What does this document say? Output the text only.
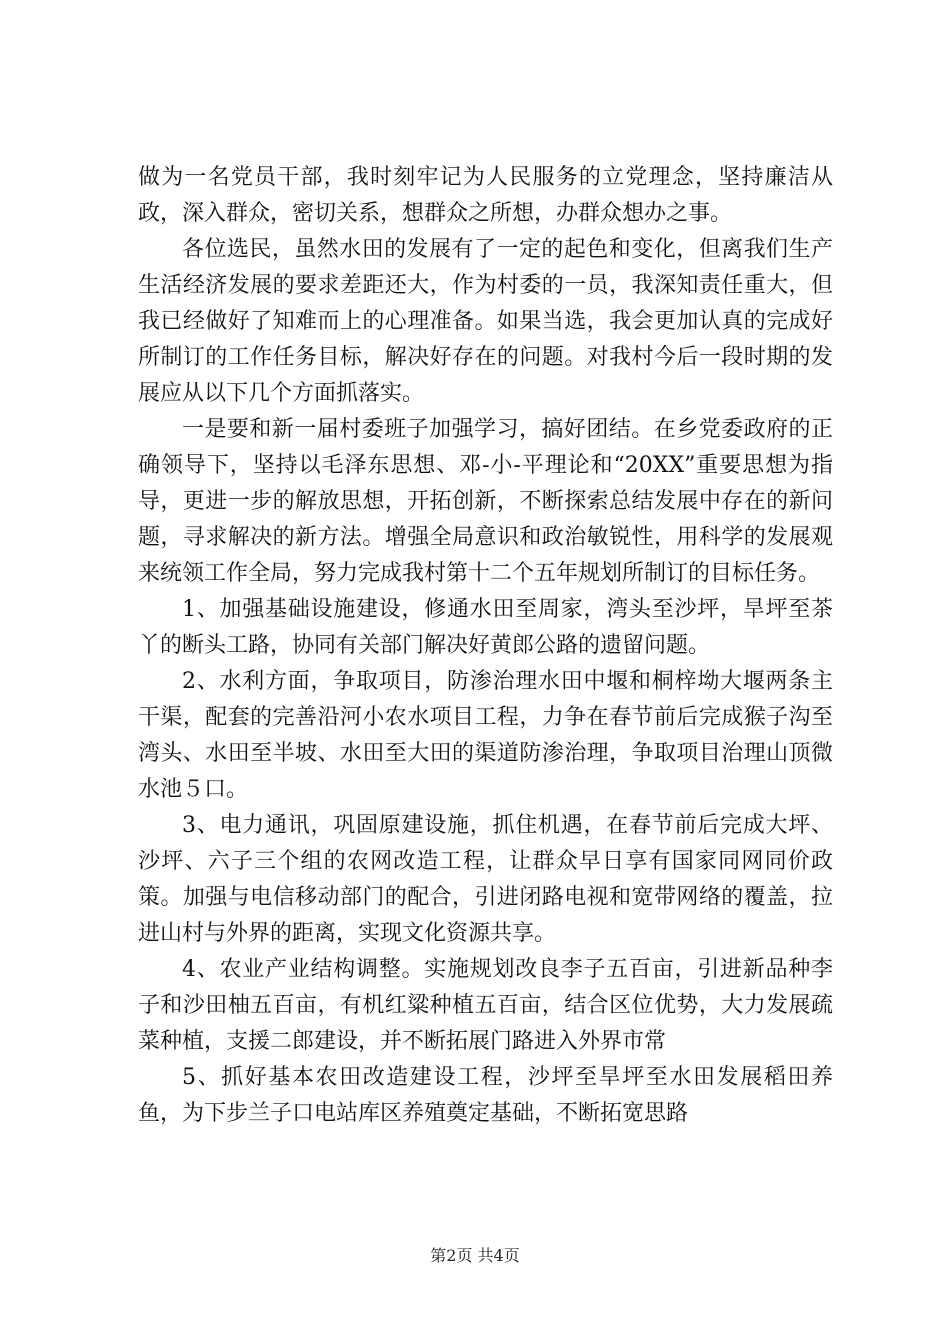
做为一名党员干部，我时刻牢记为人民服务的立党理念，坚持廉洁从政，深入群众，密切关系，想群众之所想，办群众想办之事。

各位选民，虽然水田的发展有了一定的起色和变化，但离我们生产生活经济发展的要求差距还大，作为村委的一员，我深知责任重大，但我已经做好了知难而上的心理准备。如果当选，我会更加认真的完成好所制订的工作任务目标，解决好存在的问题。对我村今后一段时期的发展应从以下几个方面抓落实。

一是要和新一届村委班子加强学习，搞好团结。在乡党委政府的正确领导下，坚持以毛泽东思想、邓-小-平理论和“20XX”重要思想为指导，更进一步的解放思想，开拓创新，不断探索总结发展中存在的新问题，寻求解决的新方法。增强全局意识和政治敏锐性，用科学的发展观来统领工作全局，努力完成我村第十二个五年规划所制订的目标任务。

1、加强基础设施建设，修通水田至周家，湾头至沙坪，旱坪至茶丫的断头工路，协同有关部门解决好黄郎公路的遗留问题。

2、水利方面，争取项目，防渗治理水田中堰和桐梓坳大堰两条主干渠，配套的完善沿河小农水项目工程，力争在春节前后完成猴子沟至湾头、水田至半坡、水田至大田的渠道防渗治理，争取项目治理山顶微水池５口。

3、电力通讯，巩固原建设施，抓住机遇，在春节前后完成大坪、沙坪、六子三个组的农网改造工程，让群众早日享有国家同网同价政策。加强与电信移动部门的配合，引进闭路电视和宽带网络的覆盖，拉进山村与外界的距离，实现文化资源共享。

4、农业产业结构调整。实施规划改良李子五百亩，引进新品种李子和沙田柚五百亩，有机红粱种植五百亩，结合区位优势，大力发展疏菜种植，支援二郎建设，并不断拓展门路进入外界市常

5、抓好基本农田改造建设工程，沙坪至旱坪至水田发展稻田养鱼，为下步兰子口电站库区养殖奠定基础，不断拓宽思路

第2页 共4页
